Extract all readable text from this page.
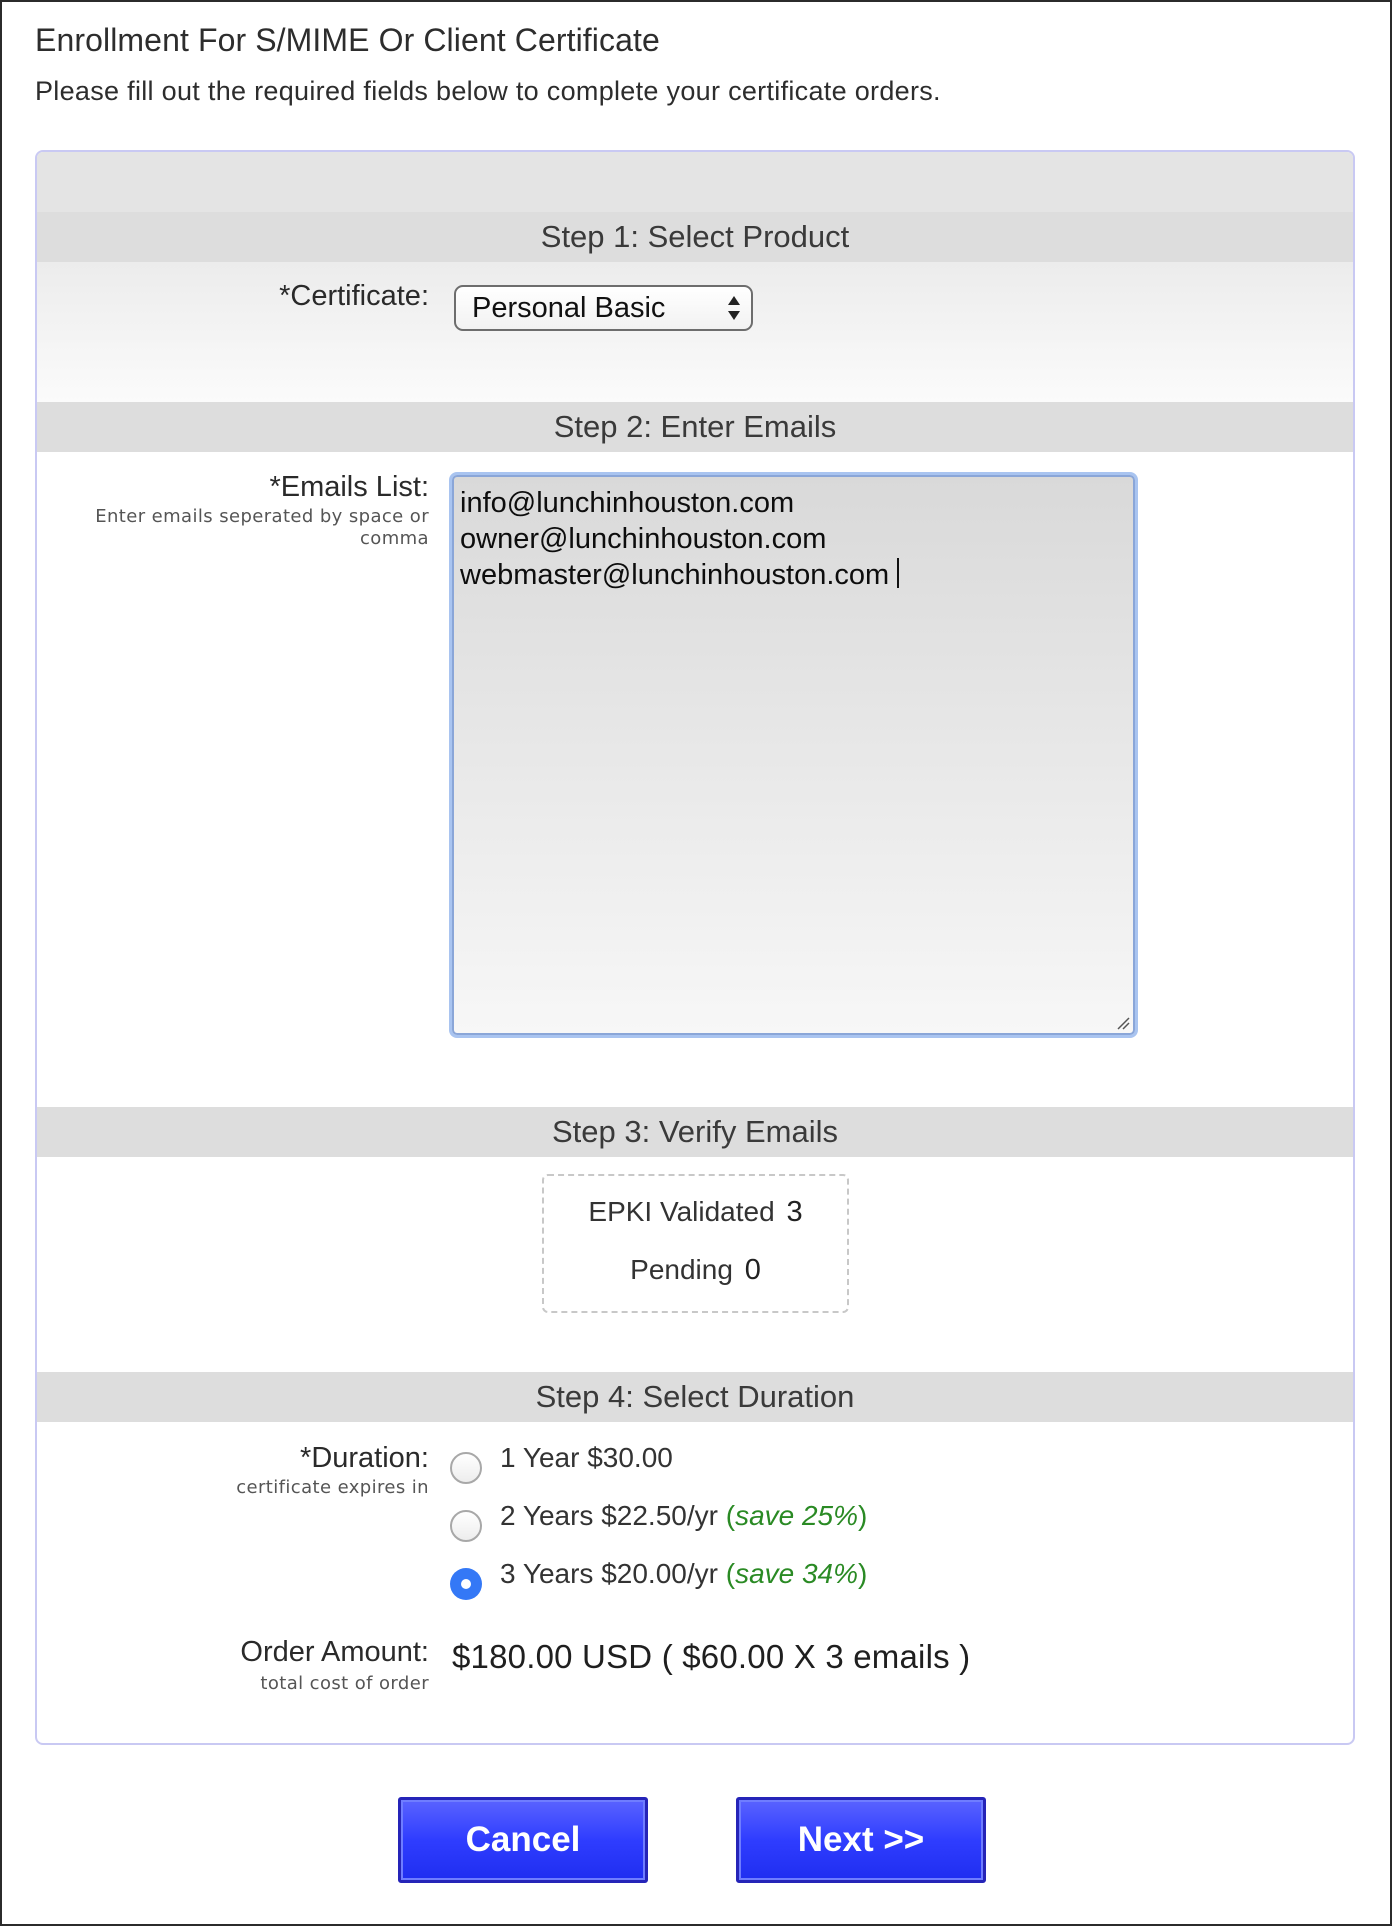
Enrollment For S/MIME Or Client Certificate
Please fill out the required fields below to complete your certificate orders.
Step 1: Select Product
*Certificate:	Personal Basic
Step 2: Enter Emails
*Emails List:
Enter emails seperated by space or
comma
info@lunchinhouston.com
owner@lunchinhouston.com
webmaster@lunchinhouston.com
Step 3: Verify Emails
EPKI Validated 3
Pending 0
Step 4: Select Duration
*Duration:
certificate expires in
1 Year $30.00
2 Years $22.50/yr (save 25%)
3 Years $20.00/yr (save 34%)
Order Amount:
total cost of order
$180.00 USD ( $60.00 X 3 emails )
Cancel	Next >>
